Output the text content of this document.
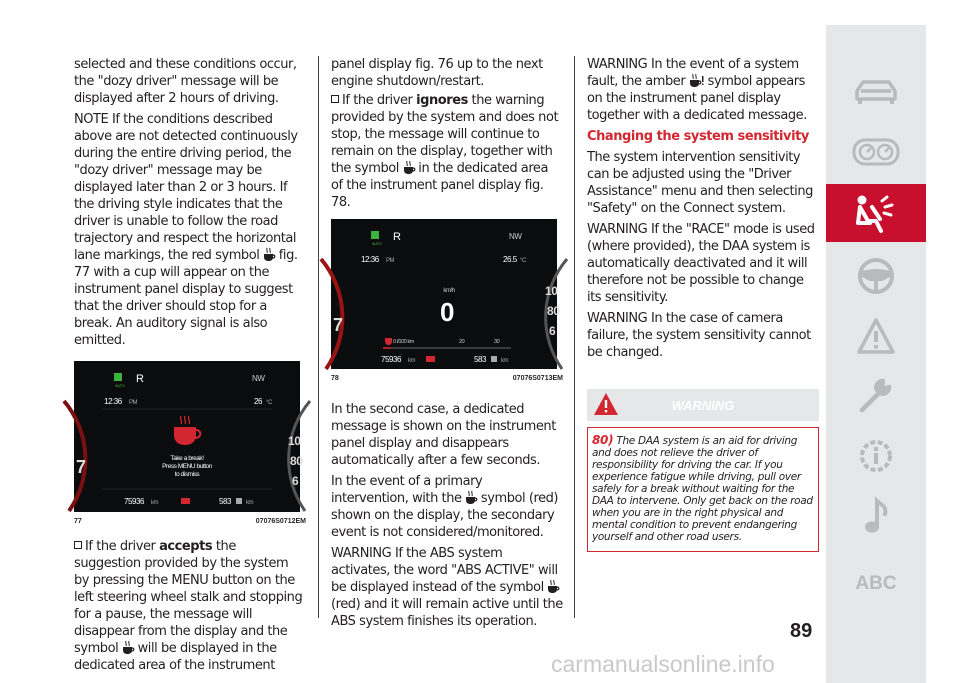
selected and these conditions occur, the "dozy driver" message will be displayed after 2 hours of driving.

NOTE If the conditions described above are not detected continuously during the entire driving period, the "dozy driver" message may be displayed later than 2 or 3 hours. If the driving style indicates that the driver is unable to follow the road trajectory and respect the horizontal lane markings, the red symbol fig. 77 with a cup will appear on the instrument panel display to suggest that the driver should stop for a break. An auditory signal is also emitted.

7
10
80
6
AUTO
R	NW
12:36 PM	26 °C
Take a break!
Press MENU button
to dismiss
75936 km	583	km
77	07076S0712EM

If the driver accepts the suggestion provided by the system by pressing the MENU button on the left steering wheel stalk and stopping for a pause, the message will disappear from the display and the symbol will be displayed in the dedicated area of the instrument

panel display fig. 76 up to the next engine shutdown/restart.

If the driver ignores the warning provided by the system and does not stop, the message will continue to remain on the display, together with the symbol in the dedicated area of the instrument panel display fig. 78.

7
10
80
6
AUTO
R	NW
12:36 PM	26.5 °C
km/h
0
0 l/100 km	20	30
75936 km	583	km
78	07076S0713EM

In the second case, a dedicated message is shown on the instrument panel display and disappears automatically after a few seconds.

In the event of a primary intervention, with the symbol (red) shown on the display, the secondary event is not considered/monitored.

WARNING If the ABS system activates, the word "ABS ACTIVE" will be displayed instead of the symbol  (red) and it will remain active until the ABS system finishes its operation.

WARNING In the event of a system fault, the amber symbol appears on the instrument panel display together with a dedicated message.

Changing the system sensitivity

The system intervention sensitivity can be adjusted using the "Driver Assistance" menu and then selecting "Safety" on the Connect system.

WARNING If the "RACE" mode is used (where provided), the DAA system is automatically deactivated and it will therefore not be possible to change its sensitivity.

WARNING In the case of camera failure, the system sensitivity cannot be changed.

WARNING
80) The DAA system is an aid for driving and does not relieve the driver of responsibility for driving the car. If you experience fatigue while driving, pull over safely for a break without waiting for the DAA to intervene. Only get back on the road when you are in the right physical and mental condition to prevent endangering yourself and other road users.
ABC
89
carmanualsonline.info
